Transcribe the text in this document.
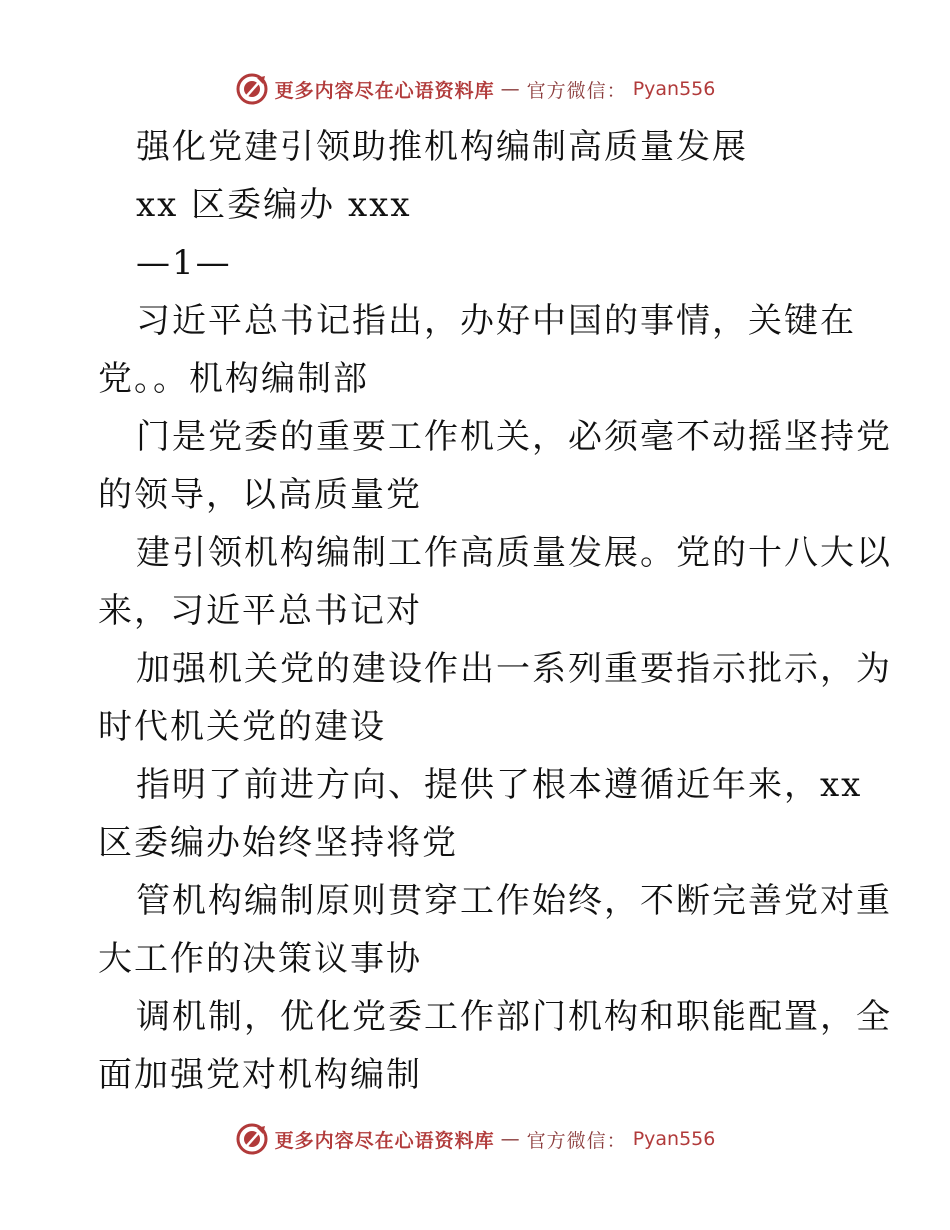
更多内容尽在心语资料库 — 官方微信： Pyan556
强化党建引领助推机构编制高质量发展
xx 区委编办 xxx
—1—
习近平总书记指出，办好中国的事情，关键在
党。。机构编制部
门是党委的重要工作机关，必须毫不动摇坚持党
的领导，以高质量党
建引领机构编制工作高质量发展。党的十八大以
来，习近平总书记对
加强机关党的建设作出一系列重要指示批示，为
时代机关党的建设
指明了前进方向、提供了根本遵循近年来，xx
区委编办始终坚持将党
管机构编制原则贯穿工作始终，不断完善党对重
大工作的决策议事协
调机制，优化党委工作部门机构和职能配置，全
面加强党对机构编制
更多内容尽在心语资料库 — 官方微信： Pyan556
